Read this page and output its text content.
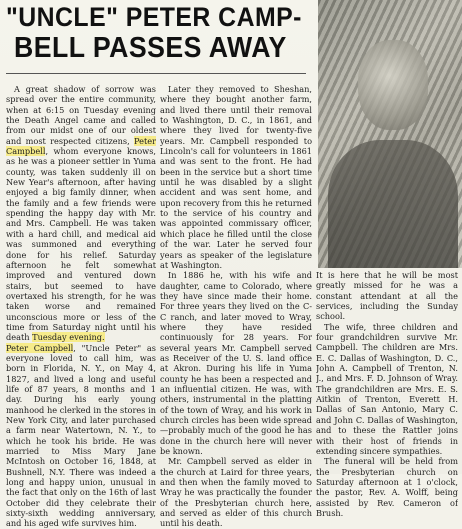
"UNCLE" PETER CAMP-
BELL PASSES AWAY

A great shadow of sorrow was spread over the entire community, when at 6:15 on Tuesday evening the Death Angel came and called from our midst one of our oldest and most respected citizens, Peter Campbell, whom everyone knows, as he was a pioneer settler in Yuma county, was taken suddenly ill on New Year's afternoon, after having enjoyed a big family dinner, when the family and a few friends were spending the happy day with Mr. and Mrs. Campbell. He was taken with a hard chill, and medical aid was summoned and everything done for his relief. Saturday afternoon he felt somewhat improved and ventured down stairs, but seemed to have overtaxed his strength, for he was taken worse and remained unconscious more or less of the time from Saturday night until his death Tuesday evening.

Peter Campbell, "Uncle Peter" as everyone loved to call him, was born in Florida, N. Y., on May 4, 1827, and lived a long and useful life of 87 years, 8 months and 1 day. During his early young manhood he clerked in the stores in New York City, and later purchased a farm near Watertown, N. Y., to which he took his bride. He was married to Miss Mary Jane McIntosh on October 16, 1848, at Bushnell, N.Y. There was indeed a long and happy union, unusual in the fact that only on the 16th of last October did they celebrate their sixty-sixth wedding anniversary, and his aged wife survives him.

Later they removed to Sheshan, where they bought another farm, and lived there until their removal to Washington, D. C., in 1861, and where they lived for twenty-five years. Mr. Campbell responded to Lincoln's call for volunteers in 1861 and was sent to the front. He had been in the service but a short time until he was disabled by a slight accident and was sent home, and upon recovery from this he returned to the service of his country and was appointed commissary officer, which place he filled until the close of the war. Later he served four years as speaker of the legislature at Washington.

In 1886 he, with his wife and daughter, came to Colorado, where they have since made their home. For three years they lived on the C-C ranch, and later moved to Wray, where they have resided continuously for 28 years. For several years Mr. Campbell served as Receiver of the U. S. land office at Akron. During his life in Yuma county he has been a respected and an influential citizen. He was, with others, instrumental in the platting of the town of Wray, and his work in church circles has been wide spread—probably much of the good he has done in the church here will never be known.

Mr. Campbell served as elder in the church at Laird for three years, and then when the family moved to Wray he was practically the founder of the Presbyterian church here, and served as elder of this church until his death.

It is here that he will be most greatly missed for he was a constant attendant at all the services, including the Sunday school.

The wife, three children and four grandchildren survive Mr. Campbell. The children are Mrs. E. C. Dallas of Washington, D. C., John A. Campbell of Trenton, N. J., and Mrs. F. D. Johnson of Wray. The grandchildren are Mrs. E. S. Aitkin of Trenton, Everett H. Dallas of San Antonio, Mary C. and John C. Dallas of Washington, and to these the Rattler joins with their host of friends in extending sincere sympathies.

The funeral will be held from the Presbyterian church on Saturday afternoon at 1 o'clock, the pastor, Rev. A. Wolff, being assisted by Rev. Cameron of Brush.
